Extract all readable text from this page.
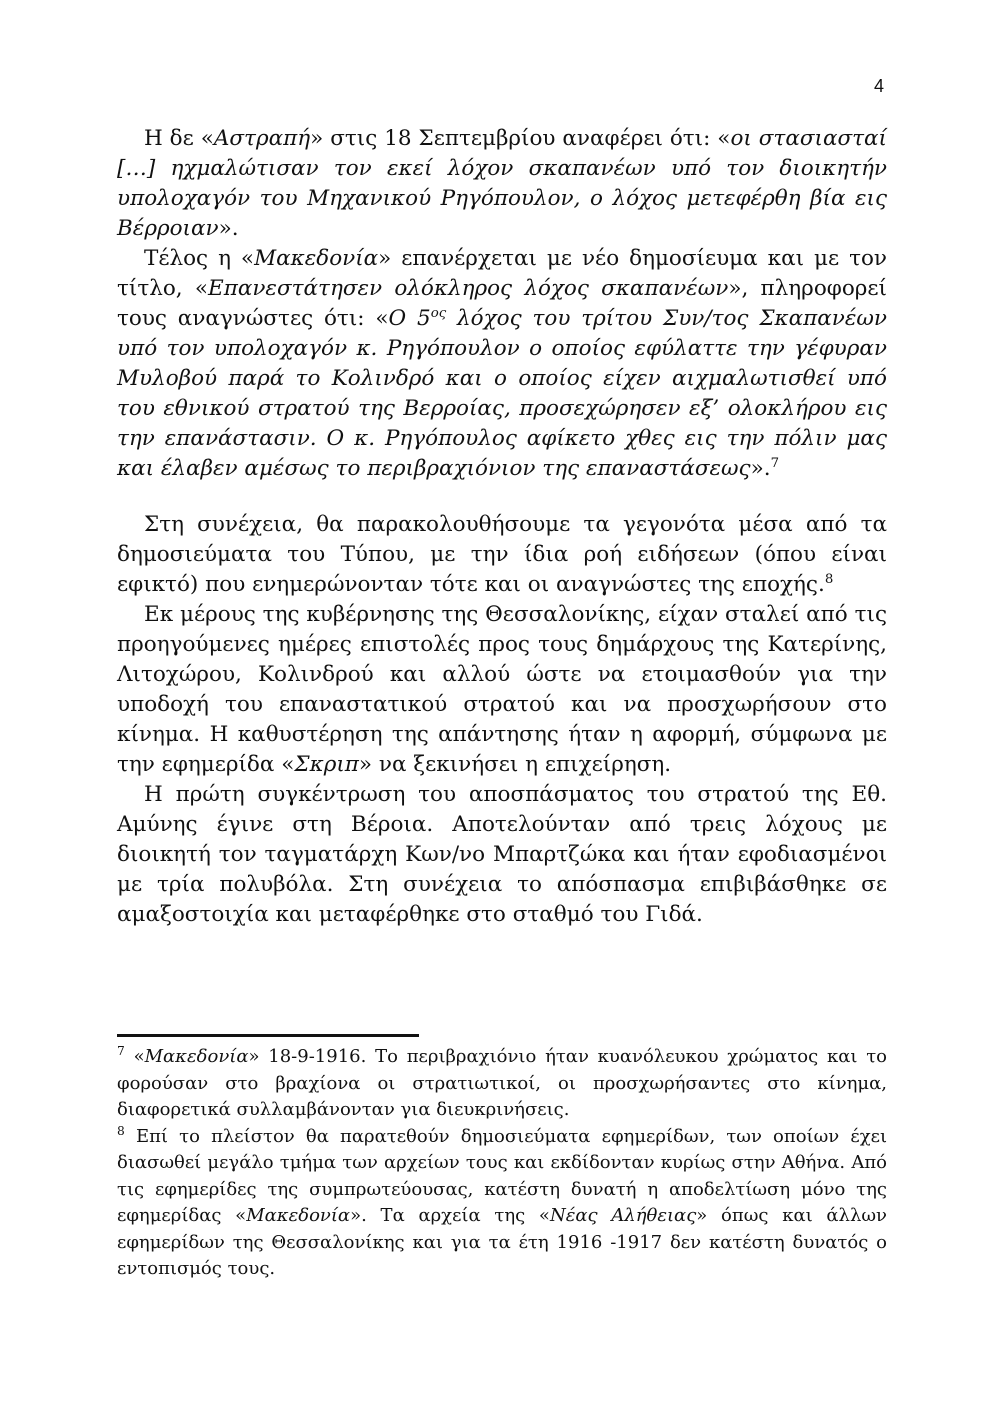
4

Η δε «Αστραπή» στις 18 Σεπτεμβρίου αναφέρει ότι: «οι στασιασταί […] ηχμαλώτισαν τον εκεί λόχον σκαπανέων υπό τον διοικητήν υπολοχαγόν του Μηχανικού Ρηγόπουλον, ο λόχος μετεφέρθη βία εις Βέρροιαν».

Τέλος η «Μακεδονία» επανέρχεται με νέο δημοσίευμα και με τον τίτλο, «Επανεστάτησεν ολόκληρος λόχος σκαπανέων», πληροφορεί τους αναγνώστες ότι: «Ο $5^{o\varsigma}$ λόχος του τρίτου Συν/τος Σκαπανέων υπό τον υπολοχαγόν κ. Ρηγόπουλον ο οποίος εφύλαττε την γέφυραν Μυλοβού παρά το Κολινδρό και ο οποίος είχεν αιχμαλωτισθεί υπό του εθνικού στρατού της Βερροίας, προσεχώρησεν εξ’ ολοκλήρου εις την επανάστασιν. Ο κ. Ρηγόπουλος αφίκετο χθες εις την πόλιν μας και έλαβεν αμέσως το περιβραχιόνιον της επαναστάσεως».$^7$

Στη συνέχεια, θα παρακολουθήσουμε τα γεγονότα μέσα από τα δημοσιεύματα του Τύπου, με την ίδια ροή ειδήσεων (όπου είναι εφικτό) που ενημερώνονταν τότε και οι αναγνώστες της εποχής.$^8$

Εκ μέρους της κυβέρνησης της Θεσσαλονίκης, είχαν σταλεί από τις προηγούμενες ημέρες επιστολές προς τους δημάρχους της Κατερίνης, Λιτοχώρου, Κολινδρού και αλλού ώστε να ετοιμασθούν για την υποδοχή του επαναστατικού στρατού και να προσχωρήσουν στο κίνημα. Η καθυστέρηση της απάντησης ήταν η αφορμή, σύμφωνα με την εφημερίδα «Σκριπ» να ξεκινήσει η επιχείρηση.

Η πρώτη συγκέντρωση του αποσπάσματος του στρατού της Εθ. Αμύνης έγινε στη Βέροια. Αποτελούνταν από τρεις λόχους με διοικητή τον ταγματάρχη Κων/νο Μπαρτζώκα και ήταν εφοδιασμένοι με τρία πολυβόλα. Στη συνέχεια το απόσπασμα επιβιβάσθηκε σε αμαξοστοιχία και μεταφέρθηκε στο σταθμό του Γιδά.

$^7$ «Μακεδονία» 18-9-1916. Το περιβραχιόνιο ήταν κυανόλευκου χρώματος και το φορούσαν στο βραχίονα οι στρατιωτικοί, οι προσχωρήσαντες στο κίνημα, διαφορετικά συλλαμβάνονταν για διευκρινήσεις.

$^8$ Επί το πλείστον θα παρατεθούν δημοσιεύματα εφημερίδων, των οποίων έχει διασωθεί μεγάλο τμήμα των αρχείων τους και εκδίδονταν κυρίως στην Αθήνα. Από τις εφημερίδες της συμπρωτεύουσας, κατέστη δυνατή η αποδελτίωση μόνο της εφημερίδας «Μακεδονία». Τα αρχεία της «Νέας Αλήθειας» όπως και άλλων εφημερίδων της Θεσσαλονίκης και για τα έτη 1916 -1917 δεν κατέστη δυνατός ο εντοπισμός τους.
